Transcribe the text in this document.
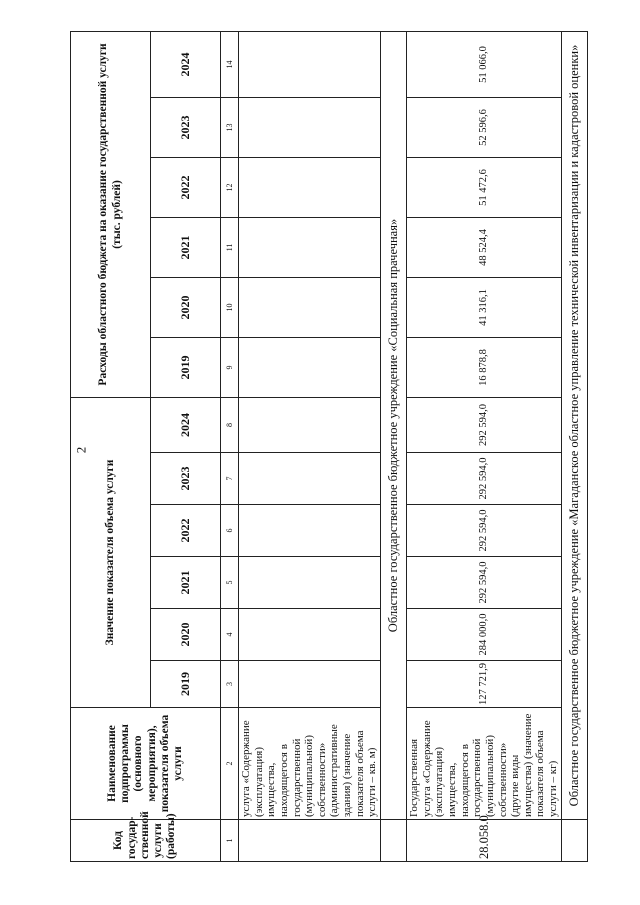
2
Код госудаp-ственной услуги (работы)	Наименование подпрограммы (основного мероприятия), показателя объема услуги	Значение показателя объема услуги						Расходы областного бюджета на оказание государственной услуги (тыс. рублей)					
		2019	2020	2021	2022	2023	2024	2019	2020	2021	2022	2023	2024
1	2	3	4	5	6	7	8	9	10	11	12	13	14
	услуга «Содержание (эксплуатация) имущества, находящегося в государственной (муниципальной) собственности» (административные здания) (значение показателя объема услуги – кв. м)												
	Областное государственное бюджетное учреждение «Социальная прачечная»												
28.058.0	Государственная услуга «Содержание (эксплуатация) имущества, находящегося в государственной (муниципальной) собственности» (другие виды имущества) (значение показателя объема услуги – кг)	127 721,9	284 000,0	292 594,0	292 594,0	292 594,0	292 594,0	16 878,8	41 316,1	48 524,4	51 472,6	52 596,6	51 066,0
	Областное государственное бюджетное учреждение «Магаданское областное управление технической инвентаризации и кадастровой оценки»												
